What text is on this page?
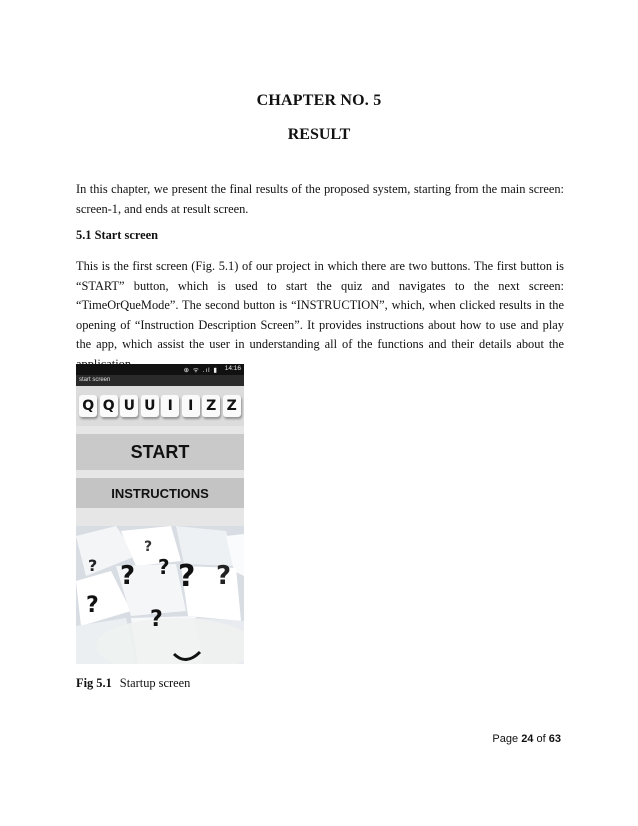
CHAPTER NO. 5
RESULT

In this chapter, we present the final results of the proposed system, starting from the main screen: screen-1, and ends at result screen.

5.1 Start screen

This is the first screen (Fig. 5.1) of our project in which there are two buttons. The first button is “START” button, which is used to start the quiz and navigates to the next screen: “TimeOrQueMode”. The second button is “INSTRUCTION”, which, when clicked results in the opening of “Instruction Description Screen”. It provides instructions about how to use and play the app, which assist the user in understanding all of the functions and their details about the

⊕ ᯤ .ıl ▮ 14:16
start screen
Q Q U U I	I Z Z
START
INSTRUCTIONS
?
?
? ? ? ?
?
?
Fig 5.1 Startup screen
Page 24 of 63
